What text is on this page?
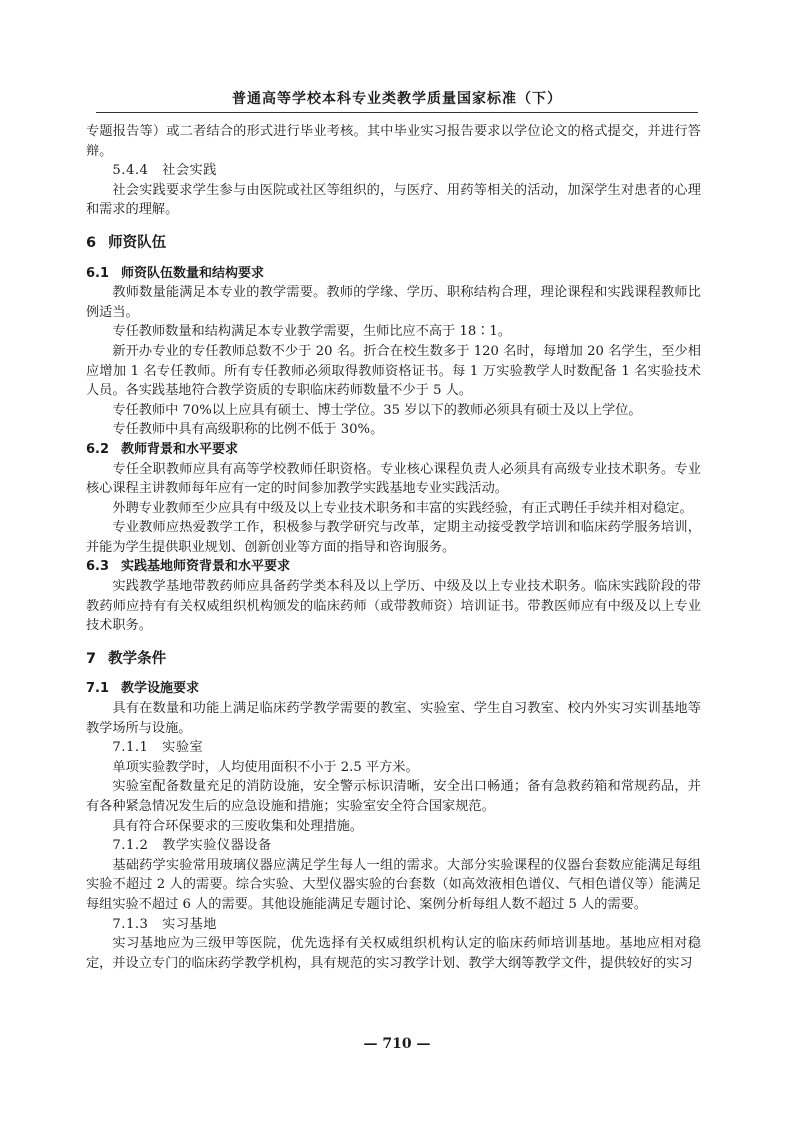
普通高等学校本科专业类教学质量国家标准（下）

专题报告等）或二者结合的形式进行毕业考核。其中毕业实习报告要求以学位论文的格式提交，并进行答辩。

5.4.4　社会实践

社会实践要求学生参与由医院或社区等组织的，与医疗、用药等相关的活动，加深学生对患者的心理和需求的理解。

6 师资队伍

6.1 师资队伍数量和结构要求

教师数量能满足本专业的教学需要。教师的学缘、学历、职称结构合理，理论课程和实践课程教师比例适当。

专任教师数量和结构满足本专业教学需要，生师比应不高于 18∶1。

新开办专业的专任教师总数不少于 20 名。折合在校生数多于 120 名时，每增加 20 名学生，至少相应增加 1 名专任教师。所有专任教师必须取得教师资格证书。每 1 万实验教学人时数配备 1 名实验技术人员。各实践基地符合教学资质的专职临床药师数量不少于 5 人。

专任教师中 70%以上应具有硕士、博士学位。35 岁以下的教师必须具有硕士及以上学位。

专任教师中具有高级职称的比例不低于 30%。

6.2 教师背景和水平要求

专任全职教师应具有高等学校教师任职资格。专业核心课程负责人必须具有高级专业技术职务。专业核心课程主讲教师每年应有一定的时间参加教学实践基地专业实践活动。

外聘专业教师至少应具有中级及以上专业技术职务和丰富的实践经验，有正式聘任手续并相对稳定。

专业教师应热爱教学工作，积极参与教学研究与改革，定期主动接受教学培训和临床药学服务培训，并能为学生提供职业规划、创新创业等方面的指导和咨询服务。

6.3 实践基地师资背景和水平要求

实践教学基地带教药师应具备药学类本科及以上学历、中级及以上专业技术职务。临床实践阶段的带教药师应持有有关权威组织机构颁发的临床药师（或带教师资）培训证书。带教医师应有中级及以上专业技术职务。

7 教学条件

7.1 教学设施要求

具有在数量和功能上满足临床药学教学需要的教室、实验室、学生自习教室、校内外实习实训基地等教学场所与设施。

7.1.1　实验室

单项实验教学时，人均使用面积不小于 2.5 平方米。

实验室配备数量充足的消防设施，安全警示标识清晰，安全出口畅通；备有急救药箱和常规药品，并有各种紧急情况发生后的应急设施和措施；实验室安全符合国家规范。

具有符合环保要求的三废收集和处理措施。

7.1.2　教学实验仪器设备

基础药学实验常用玻璃仪器应满足学生每人一组的需求。大部分实验课程的仪器台套数应能满足每组实验不超过 2 人的需要。综合实验、大型仪器实验的台套数（如高效液相色谱仪、气相色谱仪等）能满足每组实验不超过 6 人的需要。其他设施能满足专题讨论、案例分析每组人数不超过 5 人的需要。

7.1.3　实习基地

实习基地应为三级甲等医院，优先选择有关权威组织机构认定的临床药师培训基地。基地应相对稳定，并设立专门的临床药学教学机构，具有规范的实习教学计划、教学大纲等教学文件，提供较好的实习

— 710 —
